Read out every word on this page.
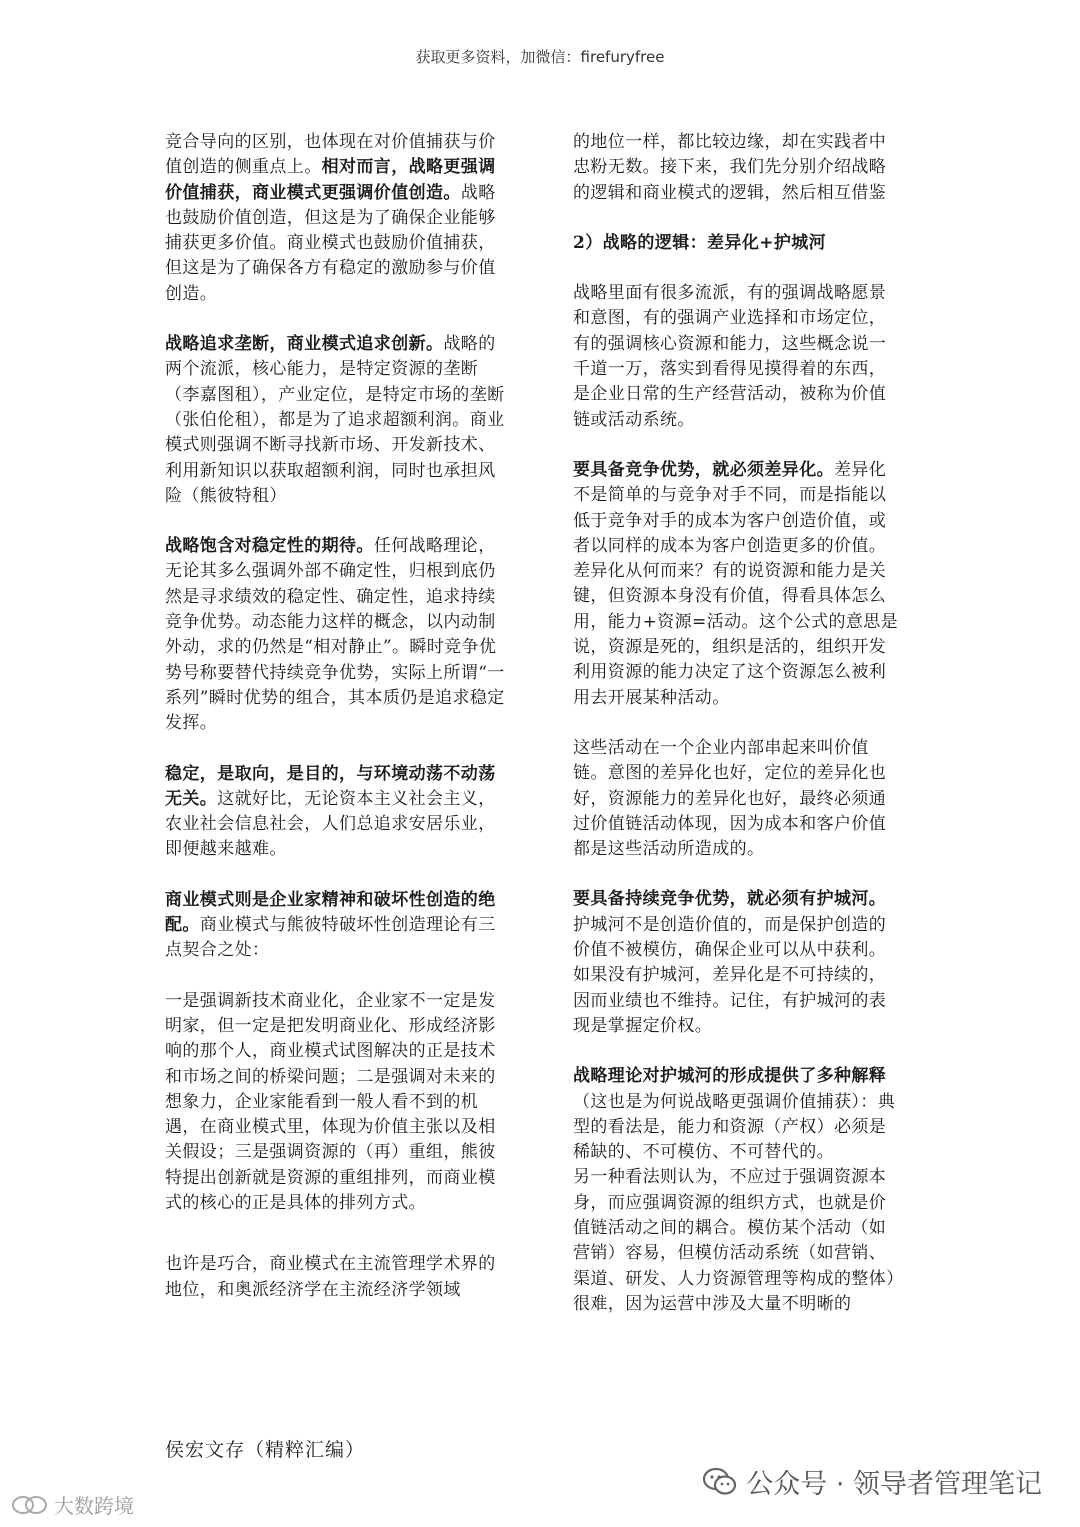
获取更多资料，加微信：firefuryfree

竞合导向的区别，也体现在对价值捕获与价值创造的侧重点上。相对而言，战略更强调价值捕获，商业模式更强调价值创造。战略也鼓励价值创造，但这是为了确保企业能够捕获更多价值。商业模式也鼓励价值捕获，但这是为了确保各方有稳定的激励参与价值创造。

战略追求垄断，商业模式追求创新。战略的两个流派，核心能力，是特定资源的垄断（李嘉图租），产业定位，是特定市场的垄断（张伯伦租），都是为了追求超额利润。商业模式则强调不断寻找新市场、开发新技术、利用新知识以获取超额利润，同时也承担风险（熊彼特租）

战略饱含对稳定性的期待。任何战略理论，无论其多么强调外部不确定性，归根到底仍然是寻求绩效的稳定性、确定性，追求持续竞争优势。动态能力这样的概念，以内动制外动，求的仍然是“相对静止”。瞬时竞争优势号称要替代持续竞争优势，实际上所谓“一系列”瞬时优势的组合，其本质仍是追求稳定发挥。

稳定，是取向，是目的，与环境动荡不动荡无关。这就好比，无论资本主义社会主义，农业社会信息社会，人们总追求安居乐业，即便越来越难。

商业模式则是企业家精神和破坏性创造的绝配。商业模式与熊彼特破坏性创造理论有三点契合之处：

一是强调新技术商业化，企业家不一定是发明家，但一定是把发明商业化、形成经济影响的那个人，商业模式试图解决的正是技术和市场之间的桥梁问题；二是强调对未来的想象力，企业家能看到一般人看不到的机遇，在商业模式里，体现为价值主张以及相关假设；三是强调资源的（再）重组，熊彼特提出创新就是资源的重组排列，而商业模式的核心的正是具体的排列方式。

也许是巧合，商业模式在主流管理学术界的地位，和奥派经济学在主流经济学领域

的地位一样，都比较边缘，却在实践者中忠粉无数。接下来，我们先分别介绍战略的逻辑和商业模式的逻辑，然后相互借鉴

2）战略的逻辑：差异化+护城河

战略里面有很多流派，有的强调战略愿景和意图，有的强调产业选择和市场定位，有的强调核心资源和能力，这些概念说一千道一万，落实到看得见摸得着的东西，是企业日常的生产经营活动，被称为价值链或活动系统。

要具备竞争优势，就必须差异化。差异化不是简单的与竞争对手不同，而是指能以低于竞争对手的成本为客户创造价值，或者以同样的成本为客户创造更多的价值。差异化从何而来？有的说资源和能力是关键，但资源本身没有价值，得看具体怎么用，能力+资源=活动。这个公式的意思是说，资源是死的，组织是活的，组织开发利用资源的能力决定了这个资源怎么被利用去开展某种活动。

这些活动在一个企业内部串起来叫价值链。意图的差异化也好，定位的差异化也好，资源能力的差异化也好，最终必须通过价值链活动体现，因为成本和客户价值都是这些活动所造成的。

要具备持续竞争优势，就必须有护城河。护城河不是创造价值的，而是保护创造的价值不被模仿，确保企业可以从中获利。如果没有护城河，差异化是不可持续的，因而业绩也不维持。记住，有护城河的表现是掌握定价权。

战略理论对护城河的形成提供了多种解释（这也是为何说战略更强调价值捕获）：典型的看法是，能力和资源（产权）必须是稀缺的、不可模仿、不可替代的。
另一种看法则认为，不应过于强调资源本身，而应强调资源的组织方式，也就是价值链活动之间的耦合。模仿某个活动（如营销）容易，但模仿活动系统（如营销、渠道、研发、人力资源管理等构成的整体）很难，因为运营中涉及大量不明晰的

侯宏文存（精粹汇编）
公众号 · 领导者管理笔记
大数跨境
